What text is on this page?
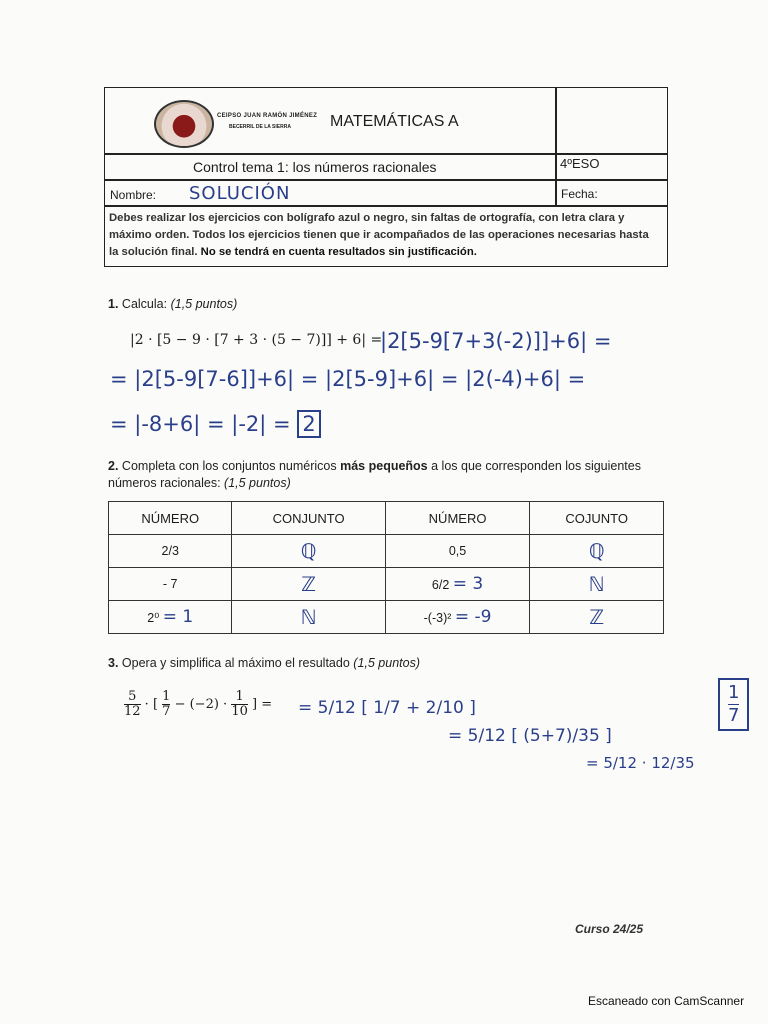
CEIPSO JUAN RAMÓN JIMÉNEZ
BECERRIL DE LA SIERRA MATEMÁTICAS A
Control tema 1: los números racionales	4ºESO
Nombre: SOLUCIÓN	Fecha:
Debes realizar los ejercicios con bolígrafo azul o negro, sin faltas de ortografía, con letra clara y máximo orden. Todos los ejercicios tienen que ir acompañados de las operaciones necesarias hasta la solución final. No se tendrá en cuenta resultados sin justificación.
1. Calcula: (1,5 puntos)
|2 · [5 − 9 · [7 + 3 · (5 − 7)]] + 6| =
|2[5-9[7+3(-2)]]+6| =
= |2[5-9[7-6]]+6| = |2[5-9]+6| = |2(-4)+6| =
= |-8+6| = |-2| = 2
2. Completa con los conjuntos numéricos más pequeños a los que corresponden los siguientes números racionales: (1,5 puntos)
NÚMERO	CONJUNTO	NÚMERO	COJUNTO
2/3	ℚ	0,5	ℚ
- 7	ℤ	6/2 = 3	ℕ
2⁰ = 1	ℕ	-(-3)² = -9	ℤ
3. Opera y simplifica al máximo el resultado (1,5 puntos)
$\frac{5}{12}$ · [ $\frac{1}{7} - (-2) \cdot \frac{1}{10}$ ] = = 5/12 [ 1/7 + 2/10 ]
= 5/12 [ (5+7)/35 ]
= 5/12 · 12/35
$\frac{1}{7}$
Curso 24/25
Escaneado con CamScanner
